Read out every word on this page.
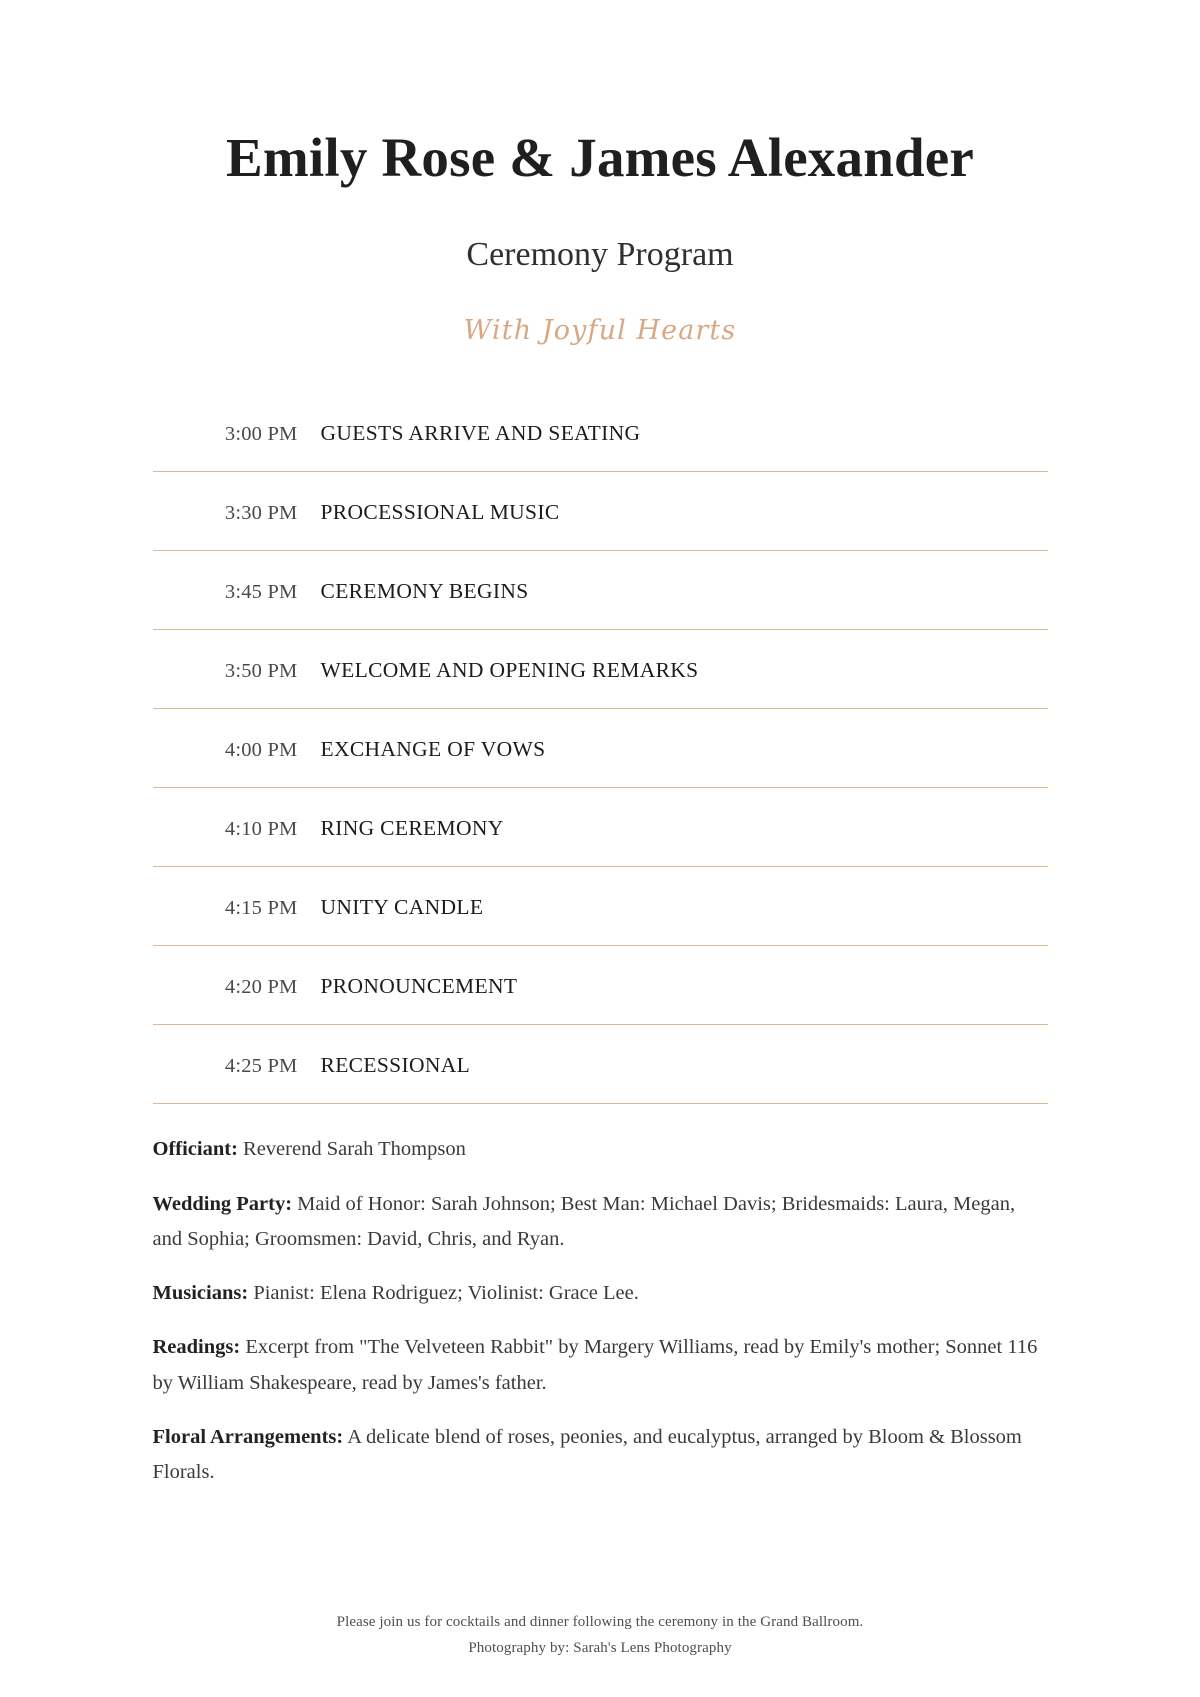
Emily Rose & James Alexander

Ceremony Program

With Joyful Hearts

3:00 PM	GUESTS ARRIVE AND SEATING
3:30 PM	PROCESSIONAL MUSIC
3:45 PM	CEREMONY BEGINS
3:50 PM	WELCOME AND OPENING REMARKS
4:00 PM	EXCHANGE OF VOWS
4:10 PM	RING CEREMONY
4:15 PM	UNITY CANDLE
4:20 PM	PRONOUNCEMENT
4:25 PM	RECESSIONAL

Officiant: Reverend Sarah Thompson

Wedding Party: Maid of Honor: Sarah Johnson; Best Man: Michael Davis; Bridesmaids: Laura, Megan, and Sophia; Groomsmen: David, Chris, and Ryan.

Musicians: Pianist: Elena Rodriguez; Violinist: Grace Lee.

Readings: Excerpt from "The Velveteen Rabbit" by Margery Williams, read by Emily's mother; Sonnet 116 by William Shakespeare, read by James's father.

Floral Arrangements: A delicate blend of roses, peonies, and eucalyptus, arranged by Bloom & Blossom Florals.

Please join us for cocktails and dinner following the ceremony in the Grand Ballroom.

Photography by: Sarah's Lens Photography
